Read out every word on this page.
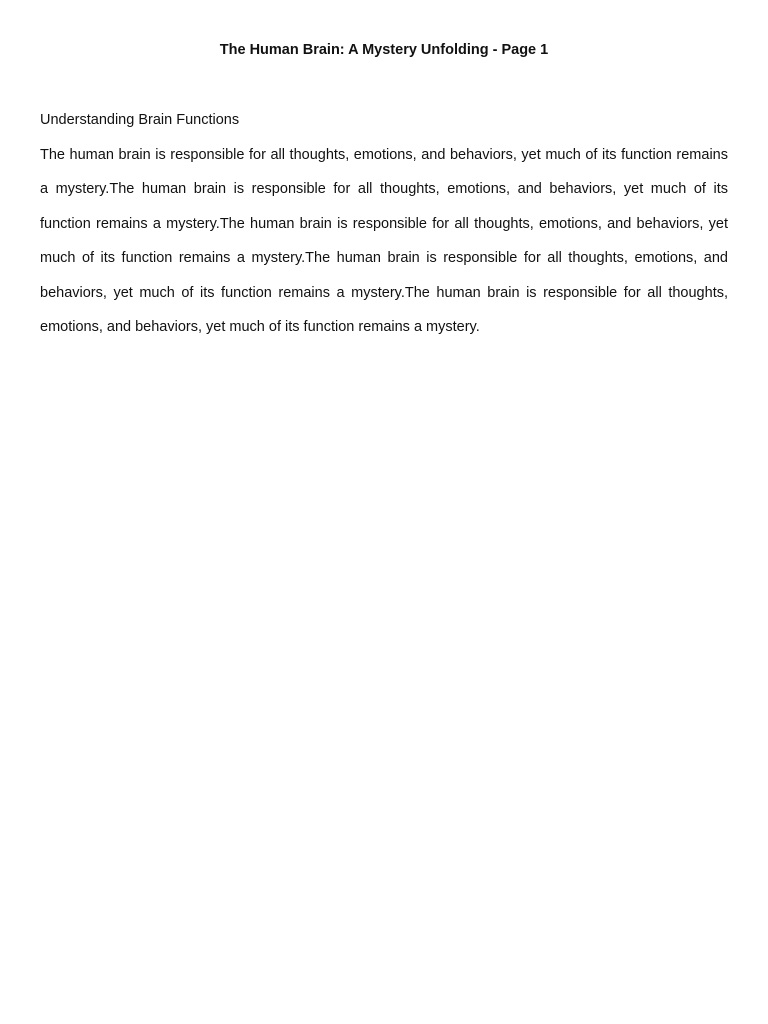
The Human Brain: A Mystery Unfolding - Page 1
Understanding Brain Functions

The human brain is responsible for all thoughts, emotions, and behaviors, yet much of its function remains a mystery.The human brain is responsible for all thoughts, emotions, and behaviors, yet much of its function remains a mystery.The human brain is responsible for all thoughts, emotions, and behaviors, yet much of its function remains a mystery.The human brain is responsible for all thoughts, emotions, and behaviors, yet much of its function remains a mystery.The human brain is responsible for all thoughts, emotions, and behaviors, yet much of its function remains a mystery.
